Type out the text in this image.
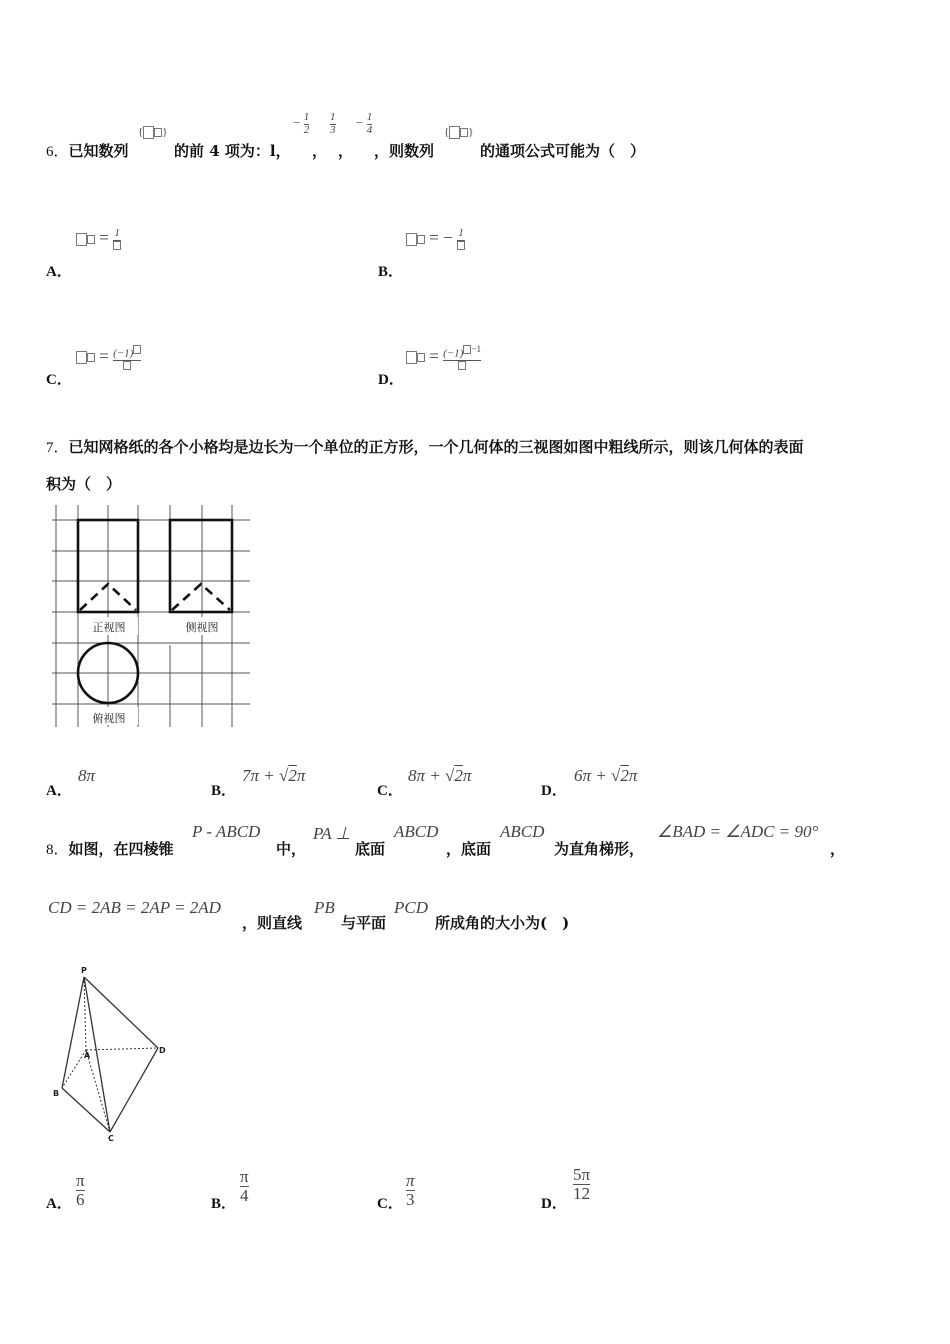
6．已知数列
{ }
的前 4 项为：l，
− $\frac{1}{2} \frac{1}{3} - \frac{1}{4}$
， ， ，则数列
{ }
的通项公式可能为（　）
A．
= 1
B．
= − 1
C．
= (−1)
D．
= (−1) $^{-1}$
7．已知网格纸的各个小格均是边长为一个单位的正方形，一个几何体的三视图如图中粗线所示，则该几何体的表面
积为（　）
正视图	侧视图
俯视图
A．
8π
B．
7π + √2π
C．
8π + √2π
D．
6π + √2π
8．如图，在四棱锥
P - ABCD
中，
PA ⊥
底面
ABCD
，底面
ABCD
为直角梯形，
∠BAD = ∠ADC = 90°
，
CD = 2AB = 2AP = 2AD
，则直线
PB
与平面
PCD
所成角的大小为(　)
P
A
B
C
D
A． $\frac{\pi}{6}$	B． $\frac{\pi}{4}$	C． $\frac{\pi}{3}$	D．
$\frac{5\pi}{12}$
